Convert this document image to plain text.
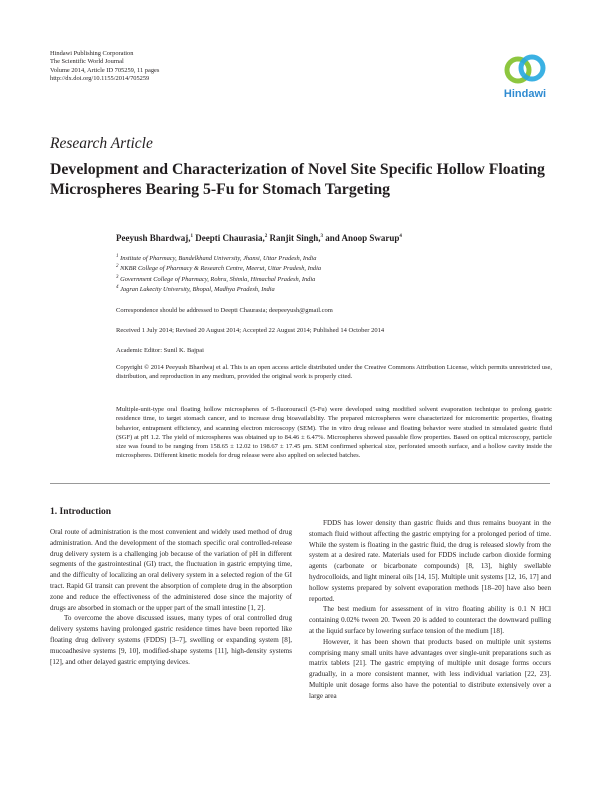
Hindawi Publishing Corporation
The Scientific World Journal
Volume 2014, Article ID 705259, 11 pages
http://dx.doi.org/10.1155/2014/705259
Hindawi
Research Article
Development and Characterization of Novel Site Specific Hollow Floating Microspheres Bearing 5-Fu for Stomach Targeting
Peeyush Bhardwaj,$^1$ Deepti Chaurasia,$^2$ Ranjit Singh,$^3$ and Anoop Swarup$^4$
$^1$ Institute of Pharmacy, Bundelkhand University, Jhansi, Uttar Pradesh, India
$^2$ NKBR College of Pharmacy & Research Centre, Meerut, Uttar Pradesh, India
$^3$ Government College of Pharmacy, Rohru, Shimla, Himachal Pradesh, India
$^4$ Jagran Lakecity University, Bhopal, Madhya Pradesh, India
Correspondence should be addressed to Deepti Chaurasia; deepeeyush@gmail.com
Received 1 July 2014; Revised 20 August 2014; Accepted 22 August 2014; Published 14 October 2014
Academic Editor: Sunil K. Bajpai
Copyright © 2014 Peeyush Bhardwaj et al. This is an open access article distributed under the Creative Commons Attribution License, which permits unrestricted use, distribution, and reproduction in any medium, provided the original work is properly cited.
Multiple-unit-type oral floating hollow microspheres of 5-fluorouracil (5-Fu) were developed using modified solvent evaporation technique to prolong gastric residence time, to target stomach cancer, and to increase drug bioavailability. The prepared microspheres were characterized for micromeritic properties, floating behavior, entrapment efficiency, and scanning electron microscopy (SEM). The in vitro drug release and floating behavior were studied in simulated gastric fluid (SGF) at pH 1.2. The yield of microspheres was obtained up to 84.46 ± 6.47%. Microspheres showed passable flow properties. Based on optical microscopy, particle size was found to be ranging from 158.65 ± 12.02 to 198.67 ± 17.45 μm. SEM confirmed spherical size, perforated smooth surface, and a hollow cavity inside the microspheres. Different kinetic models for drug release were also applied on selected batches.
1. Introduction

Oral route of administration is the most convenient and widely used method of drug administration. And the development of the stomach specific oral controlled-release drug delivery system is a challenging job because of the variation of pH in different segments of the gastrointestinal (GI) tract, the fluctuation in gastric emptying time, and the difficulty of localizing an oral delivery system in a selected region of the GI tract. Rapid GI transit can prevent the absorption of complete drug in the absorption zone and reduce the effectiveness of the administered dose since the majority of drugs are absorbed in stomach or the upper part of the small intestine [1, 2].

To overcome the above discussed issues, many types of oral controlled drug delivery systems having prolonged gastric residence times have been reported like floating drug delivery systems (FDDS) [3–7], swelling or expanding system [8], mucoadhesive systems [9, 10], modified-shape systems [11], high-density systems [12], and other delayed gastric emptying devices.

FDDS has lower density than gastric fluids and thus remains buoyant in the stomach fluid without affecting the gastric emptying for a prolonged period of time. While the system is floating in the gastric fluid, the drug is released slowly from the system at a desired rate. Materials used for FDDS include carbon dioxide forming agents (carbonate or bicarbonate compounds) [8, 13], highly swellable hydrocolloids, and light mineral oils [14, 15]. Multiple unit systems [12, 16, 17] and hollow systems prepared by solvent evaporation methods [18–20] have also been reported.

The best medium for assessment of in vitro floating ability is 0.1 N HCl containing 0.02% tween 20. Tween 20 is added to counteract the downward pulling at the liquid surface by lowering surface tension of the medium [18].

However, it has been shown that products based on multiple unit systems comprising many small units have advantages over single-unit preparations such as matrix tablets [21]. The gastric emptying of multiple unit dosage forms occurs gradually, in a more consistent manner, with less individual variation [22, 23]. Multiple unit dosage forms also have the potential to distribute extensively over a large area
